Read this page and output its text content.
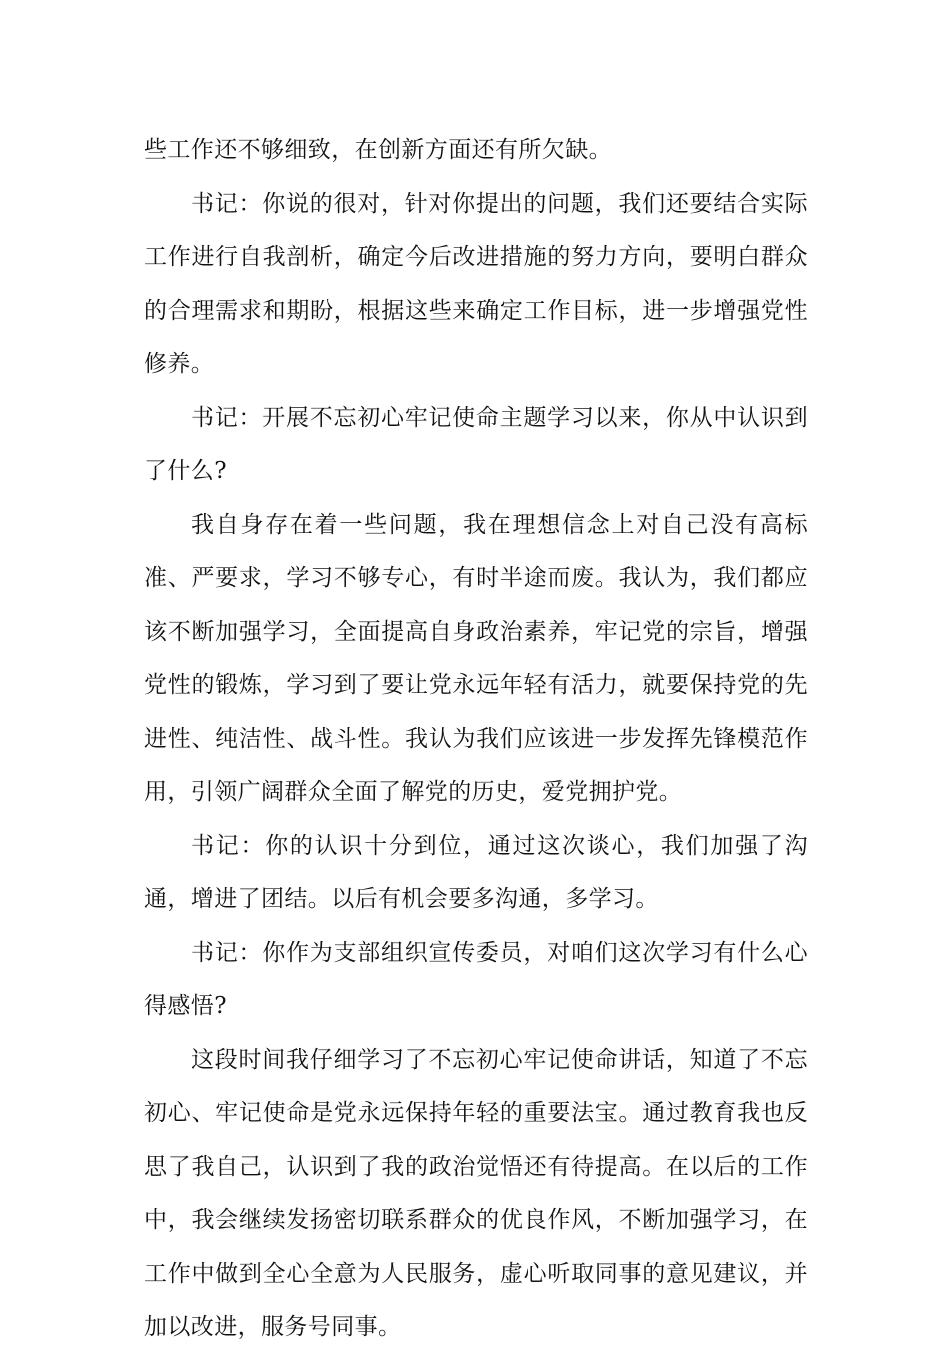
些工作还不够细致，在创新方面还有所欠缺。

书记：你说的很对，针对你提出的问题，我们还要结合实际工作进行自我剖析，确定今后改进措施的努力方向，要明白群众的合理需求和期盼，根据这些来确定工作目标，进一步增强党性修养。

书记：开展不忘初心牢记使命主题学习以来，你从中认识到了什么?

我自身存在着一些问题，我在理想信念上对自己没有高标准、严要求，学习不够专心，有时半途而废。我认为，我们都应该不断加强学习，全面提高自身政治素养，牢记党的宗旨，增强党性的锻炼，学习到了要让党永远年轻有活力，就要保持党的先进性、纯洁性、战斗性。我认为我们应该进一步发挥先锋模范作用，引领广阔群众全面了解党的历史，爱党拥护党。

书记：你的认识十分到位，通过这次谈心，我们加强了沟通，增进了团结。以后有机会要多沟通，多学习。

书记：你作为支部组织宣传委员，对咱们这次学习有什么心得感悟?

这段时间我仔细学习了不忘初心牢记使命讲话，知道了不忘初心、牢记使命是党永远保持年轻的重要法宝。通过教育我也反思了我自己，认识到了我的政治觉悟还有待提高。在以后的工作中，我会继续发扬密切联系群众的优良作风，不断加强学习，在工作中做到全心全意为人民服务，虚心听取同事的意见建议，并加以改进，服务号同事。
